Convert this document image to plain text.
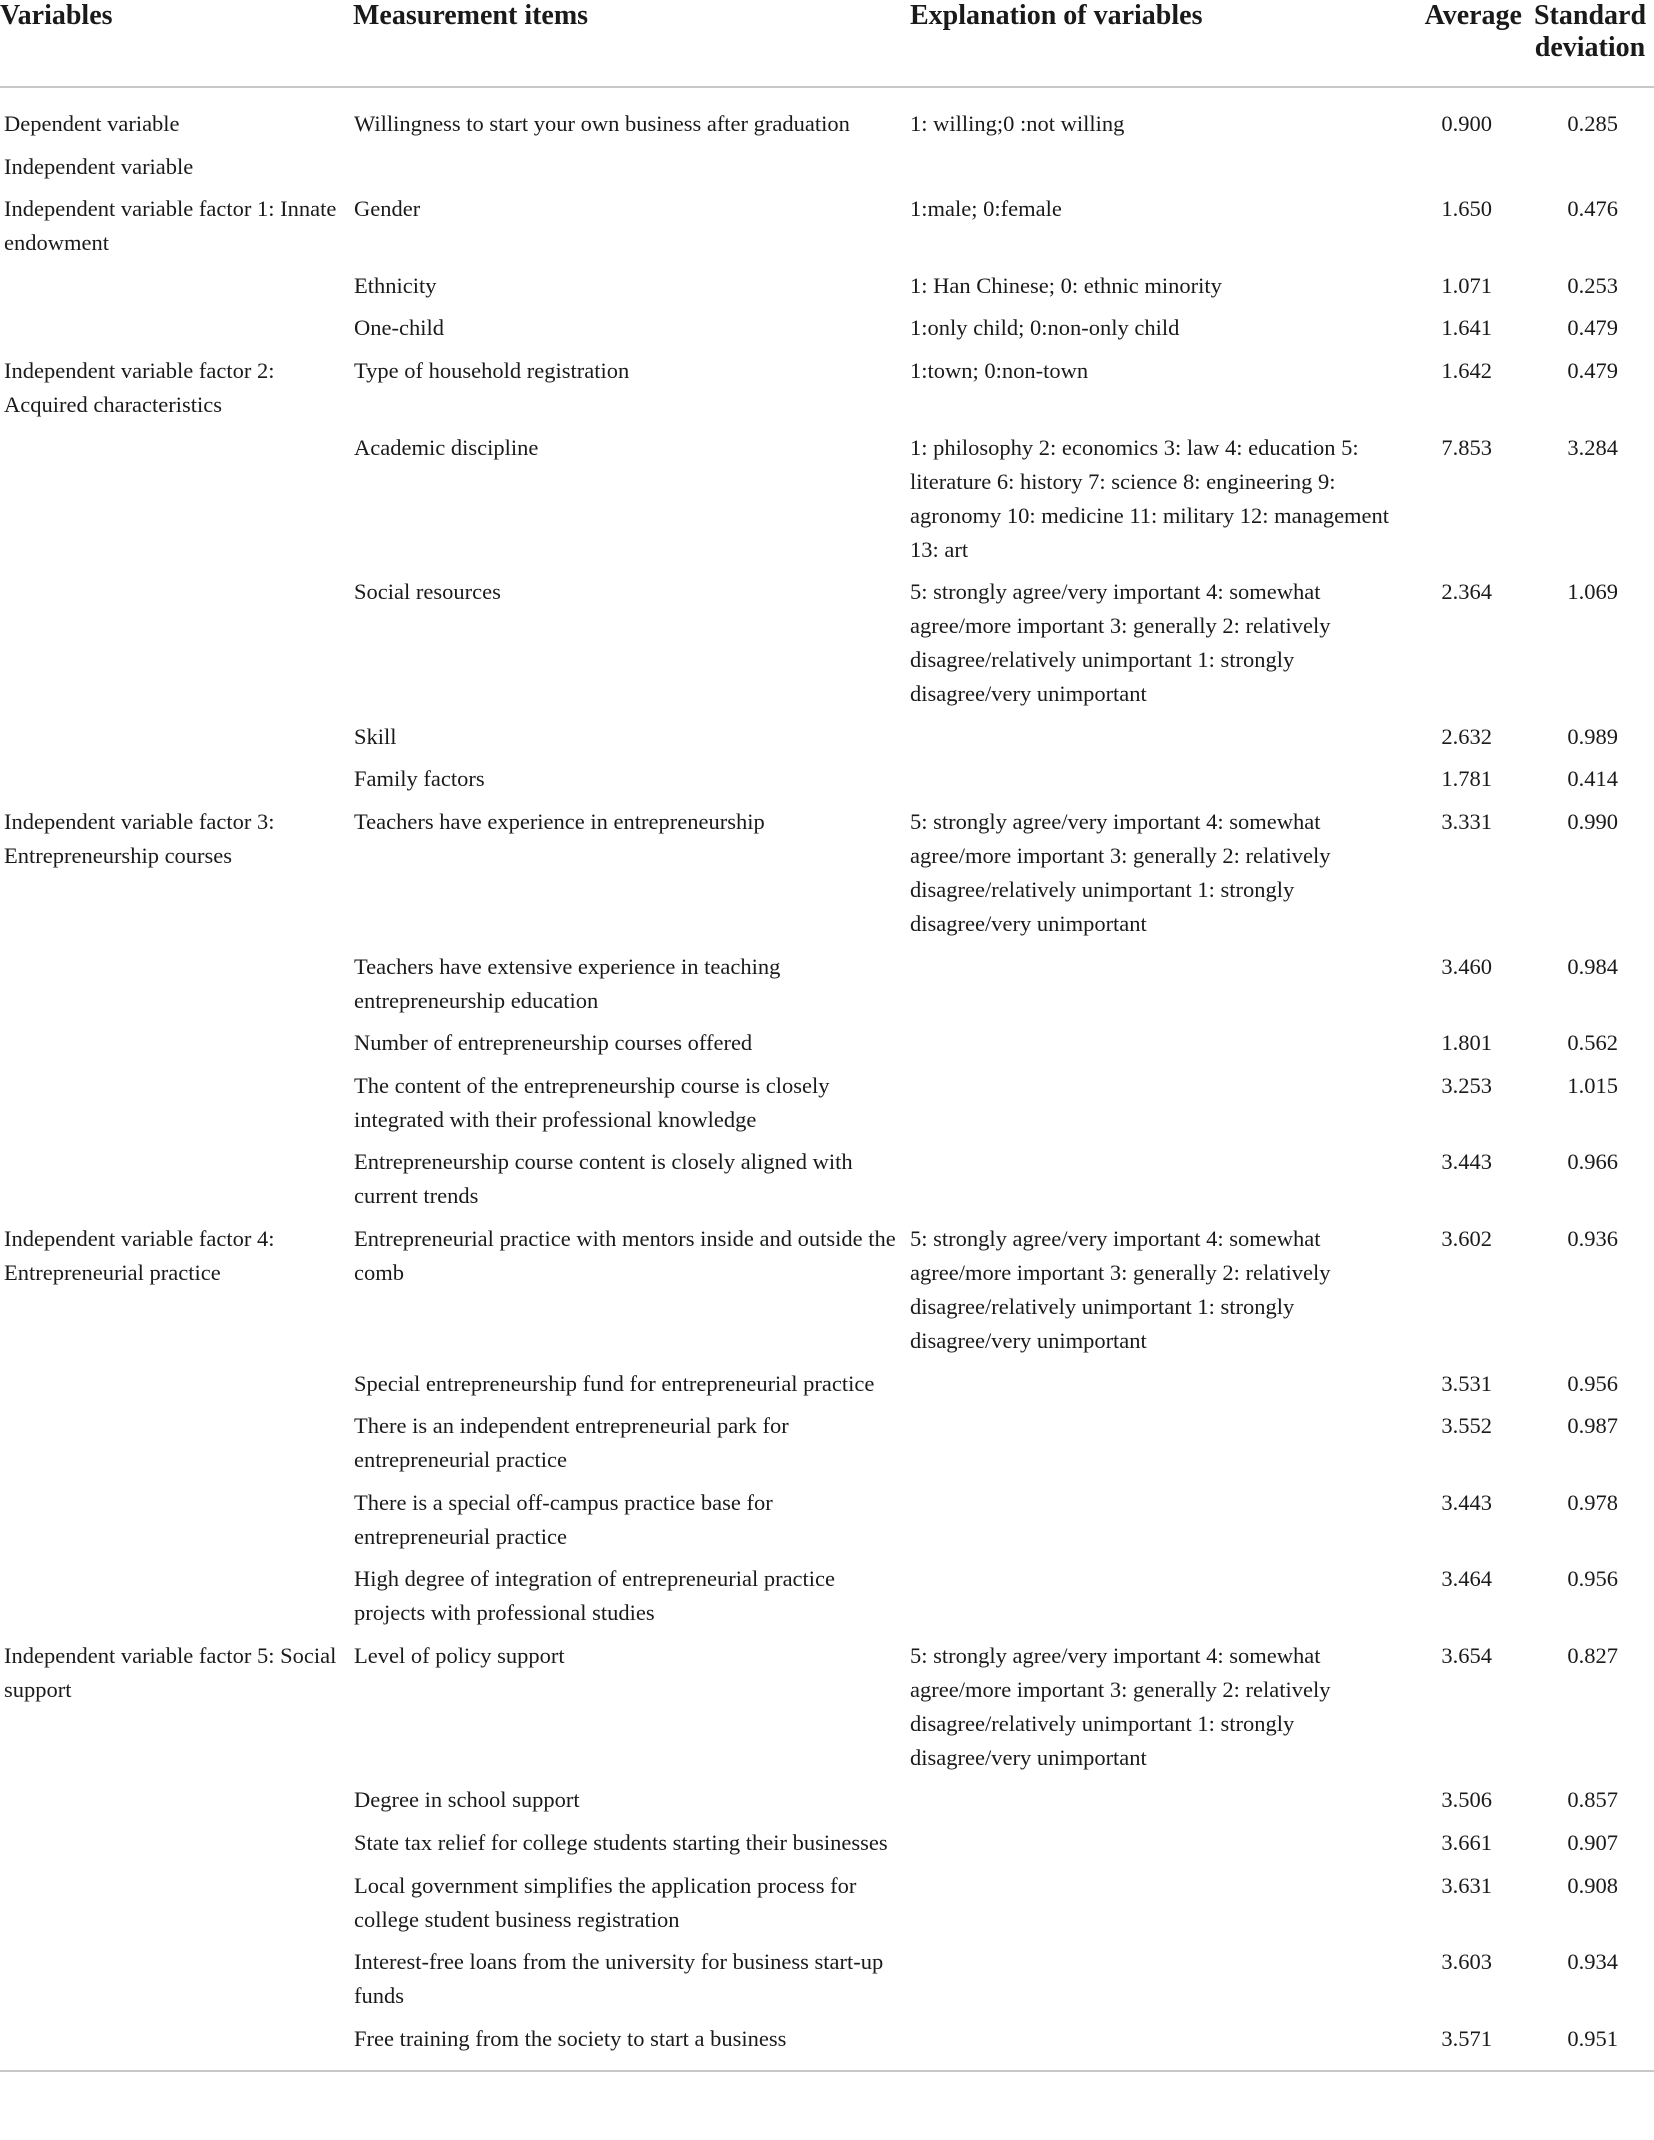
Variables	Measurement items	Explanation of variables	Average	Standard deviation
Dependent variable	Willingness to start your own business after graduation	1: willing;0 :not willing	0.900	0.285
Independent variable				
Independent variable factor 1: Innate endowment	Gender	1:male; 0:female	1.650	0.476
	Ethnicity	1: Han Chinese; 0: ethnic minority	1.071	0.253
	One-child	1:only child; 0:non-only child	1.641	0.479
Independent variable factor 2: Acquired characteristics	Type of household registration	1:town; 0:non-town	1.642	0.479
	Academic discipline	1: philosophy 2: economics 3: law 4: education 5: literature 6: history 7: science 8: engineering 9: agronomy 10: medicine 11: military 12: management 13: art	7.853	3.284
	Social resources	5: strongly agree/very important 4: somewhat agree/more important 3: generally 2: relatively disagree/relatively unimportant 1: strongly disagree/very unimportant	2.364	1.069
	Skill		2.632	0.989
	Family factors		1.781	0.414
Independent variable factor 3: Entrepreneurship courses	Teachers have experience in entrepreneurship	5: strongly agree/very important 4: somewhat agree/more important 3: generally 2: relatively disagree/relatively unimportant 1: strongly disagree/very unimportant	3.331	0.990
	Teachers have extensive experience in teaching entrepreneurship education		3.460	0.984
	Number of entrepreneurship courses offered		1.801	0.562
	The content of the entrepreneurship course is closely integrated with their professional knowledge		3.253	1.015
	Entrepreneurship course content is closely aligned with current trends		3.443	0.966
Independent variable factor 4: Entrepreneurial practice	Entrepreneurial practice with mentors inside and outside the comb	5: strongly agree/very important 4: somewhat agree/more important 3: generally 2: relatively disagree/relatively unimportant 1: strongly disagree/very unimportant	3.602	0.936
	Special entrepreneurship fund for entrepreneurial practice		3.531	0.956
	There is an independent entrepreneurial park for entrepreneurial practice		3.552	0.987
	There is a special off-campus practice base for entrepreneurial practice		3.443	0.978
	High degree of integration of entrepreneurial practice projects with professional studies		3.464	0.956
Independent variable factor 5: Social support	Level of policy support	5: strongly agree/very important 4: somewhat agree/more important 3: generally 2: relatively disagree/relatively unimportant 1: strongly disagree/very unimportant	3.654	0.827
	Degree in school support		3.506	0.857
	State tax relief for college students starting their businesses		3.661	0.907
	Local government simplifies the application process for college student business registration		3.631	0.908
	Interest-free loans from the university for business start-up funds		3.603	0.934
	Free training from the society to start a business		3.571	0.951
